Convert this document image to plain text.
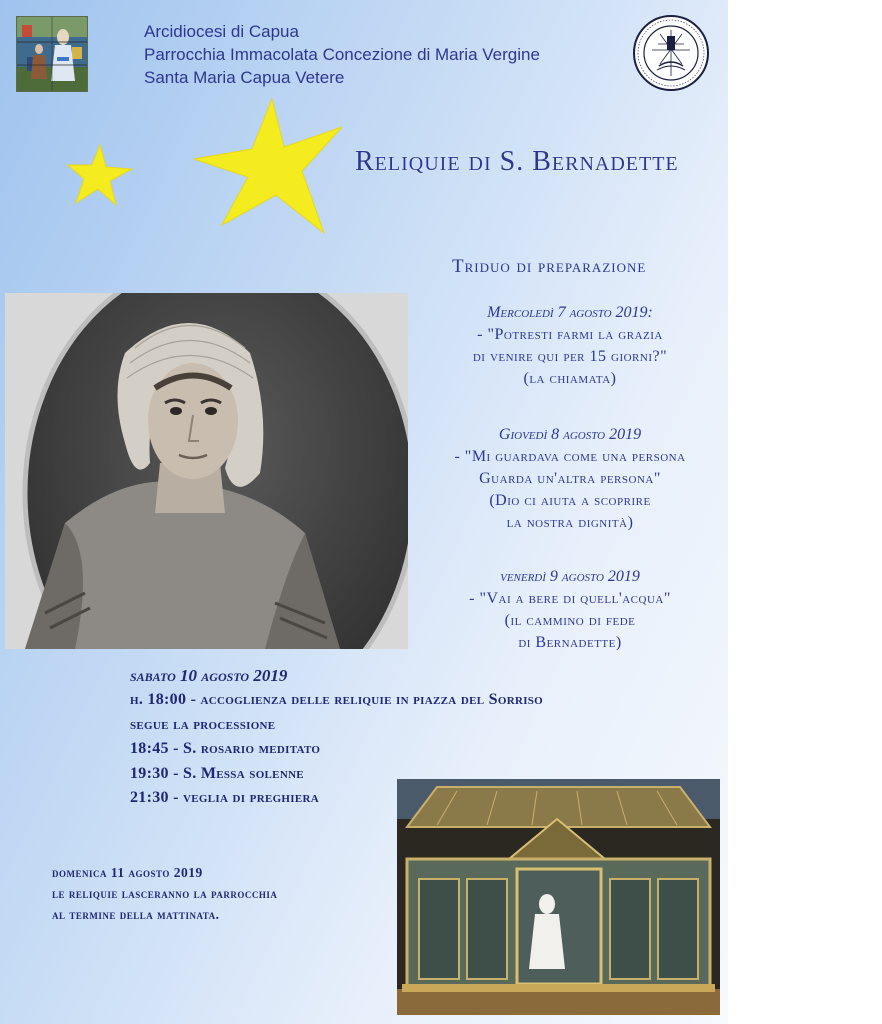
Arcidiocesi di Capua
Parrocchia Immacolata Concezione di Maria Vergine
Santa Maria Capua Vetere
Reliquie di S. Bernadette
Triduo di preparazione
Mercoledì 7 agosto 2019:
- "Potresti farmi la grazia
di venire qui per 15 giorni?"
(la chiamata)
Giovedì 8 agosto 2019
- "Mi guardava come una persona
Guarda un'altra persona"
(Dio ci aiuta a scoprire
la nostra dignità)
venerdì 9 agosto 2019
- "Vai a bere di quell'acqua"
(il cammino di fede
di Bernadette)
sabato 10 agosto 2019
h. 18:00 - accoglienza delle reliquie in piazza del Sorriso
segue la processione
18:45 - S. rosario meditato
19:30 - S. Messa solenne
21:30 - veglia di preghiera
domenica 11 agosto 2019
le reliquie lasceranno la parrocchia
al termine della mattinata.
